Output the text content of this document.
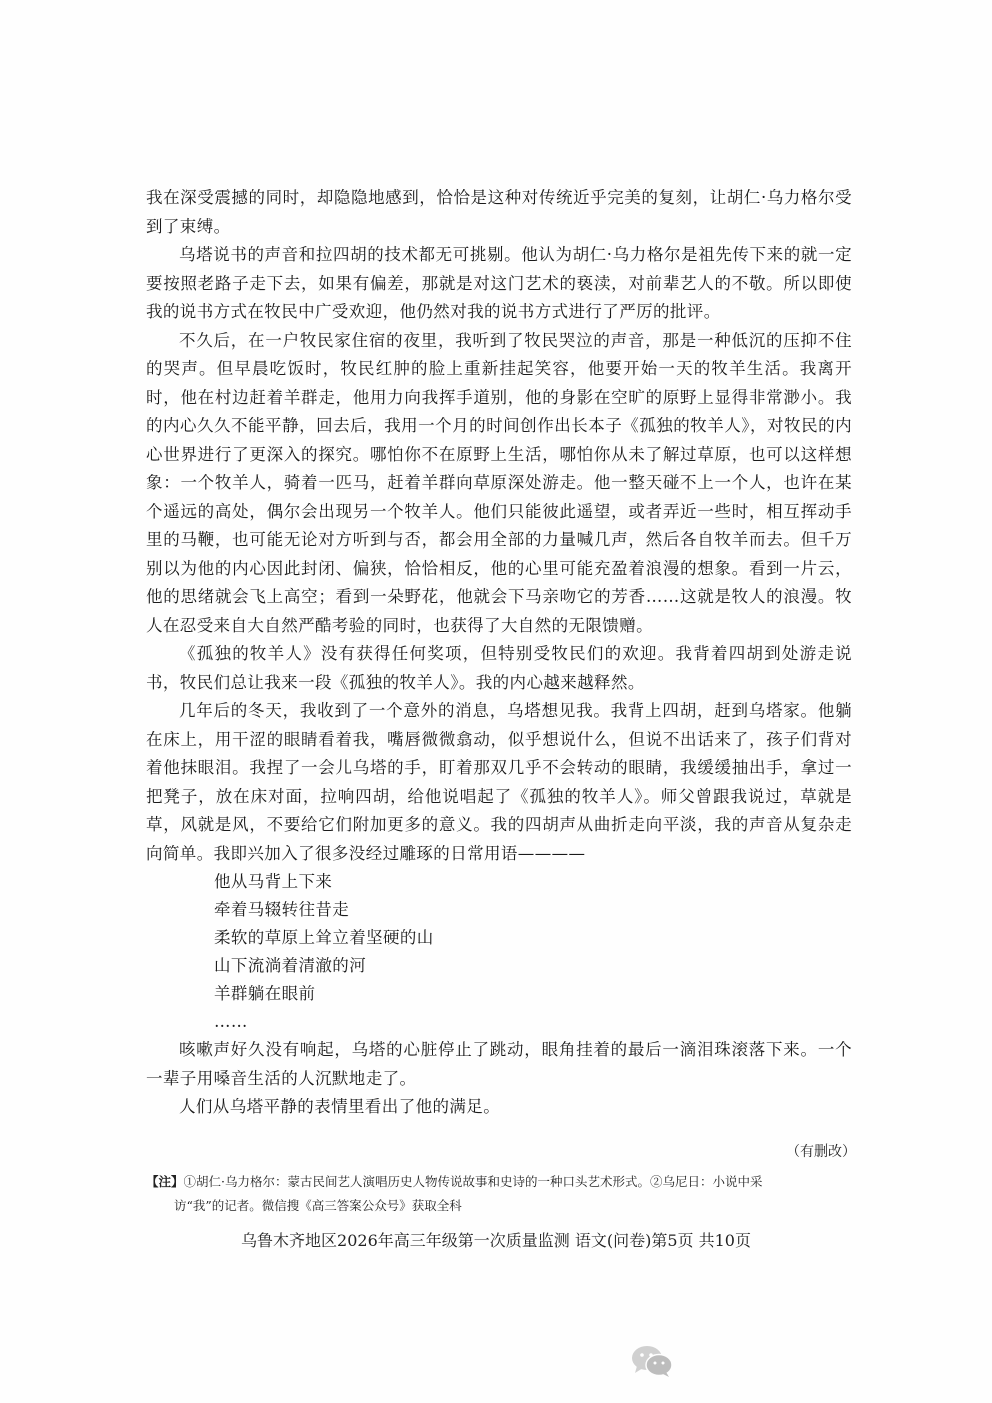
我在深受震撼的同时，却隐隐地感到，恰恰是这种对传统近乎完美的复刻，让胡仁·乌力格尔受到了束缚。

乌塔说书的声音和拉四胡的技术都无可挑剔。他认为胡仁·乌力格尔是祖先传下来的就一定要按照老路子走下去，如果有偏差，那就是对这门艺术的亵渎，对前辈艺人的不敬。所以即使我的说书方式在牧民中广受欢迎，他仍然对我的说书方式进行了严厉的批评。

不久后，在一户牧民家住宿的夜里，我听到了牧民哭泣的声音，那是一种低沉的压抑不住的哭声。但早晨吃饭时，牧民红肿的脸上重新挂起笑容，他要开始一天的牧羊生活。我离开时，他在村边赶着羊群走，他用力向我挥手道别，他的身影在空旷的原野上显得非常渺小。我的内心久久不能平静，回去后，我用一个月的时间创作出长本子《孤独的牧羊人》，对牧民的内心世界进行了更深入的探究。哪怕你不在原野上生活，哪怕你从未了解过草原，也可以这样想象：一个牧羊人，骑着一匹马，赶着羊群向草原深处游走。他一整天碰不上一个人，也许在某个遥远的高处，偶尔会出现另一个牧羊人。他们只能彼此遥望，或者弄近一些时，相互挥动手里的马鞭，也可能无论对方听到与否，都会用全部的力量喊几声，然后各自牧羊而去。但千万别以为他的内心因此封闭、偏狭，恰恰相反，他的心里可能充盈着浪漫的想象。看到一片云，他的思绪就会飞上高空；看到一朵野花，他就会下马亲吻它的芳香……这就是牧人的浪漫。牧人在忍受来自大自然严酷考验的同时，也获得了大自然的无限馈赠。

《孤独的牧羊人》没有获得任何奖项，但特别受牧民们的欢迎。我背着四胡到处游走说书，牧民们总让我来一段《孤独的牧羊人》。我的内心越来越释然。

几年后的冬天，我收到了一个意外的消息，乌塔想见我。我背上四胡，赶到乌塔家。他躺在床上，用干涩的眼睛看着我，嘴唇微微翕动，似乎想说什么，但说不出话来了，孩子们背对着他抹眼泪。我捏了一会儿乌塔的手，盯着那双几乎不会转动的眼睛，我缓缓抽出手，拿过一把凳子，放在床对面，拉响四胡，给他说唱起了《孤独的牧羊人》。师父曾跟我说过，草就是草，风就是风，不要给它们附加更多的意义。我的四胡声从曲折走向平淡，我的声音从复杂走向简单。我即兴加入了很多没经过雕琢的日常用语————

他从马背上下来
牵着马辍转往昔走
柔软的草原上耸立着坚硬的山
山下流淌着清澈的河
羊群躺在眼前
……

咳嗽声好久没有响起，乌塔的心脏停止了跳动，眼角挂着的最后一滴泪珠滚落下来。一个一辈子用嗓音生活的人沉默地走了。

人们从乌塔平静的表情里看出了他的满足。

（有删改）
【注】①胡仁·乌力格尔：蒙古民间艺人演唱历史人物传说故事和史诗的一种口头艺术形式。②乌尼日：小说中采
访“我”的记者。微信搜《高三答案公众号》获取全科
乌鲁木齐地区2026年高三年级第一次质量监测 语文(问卷)第5页 共10页
